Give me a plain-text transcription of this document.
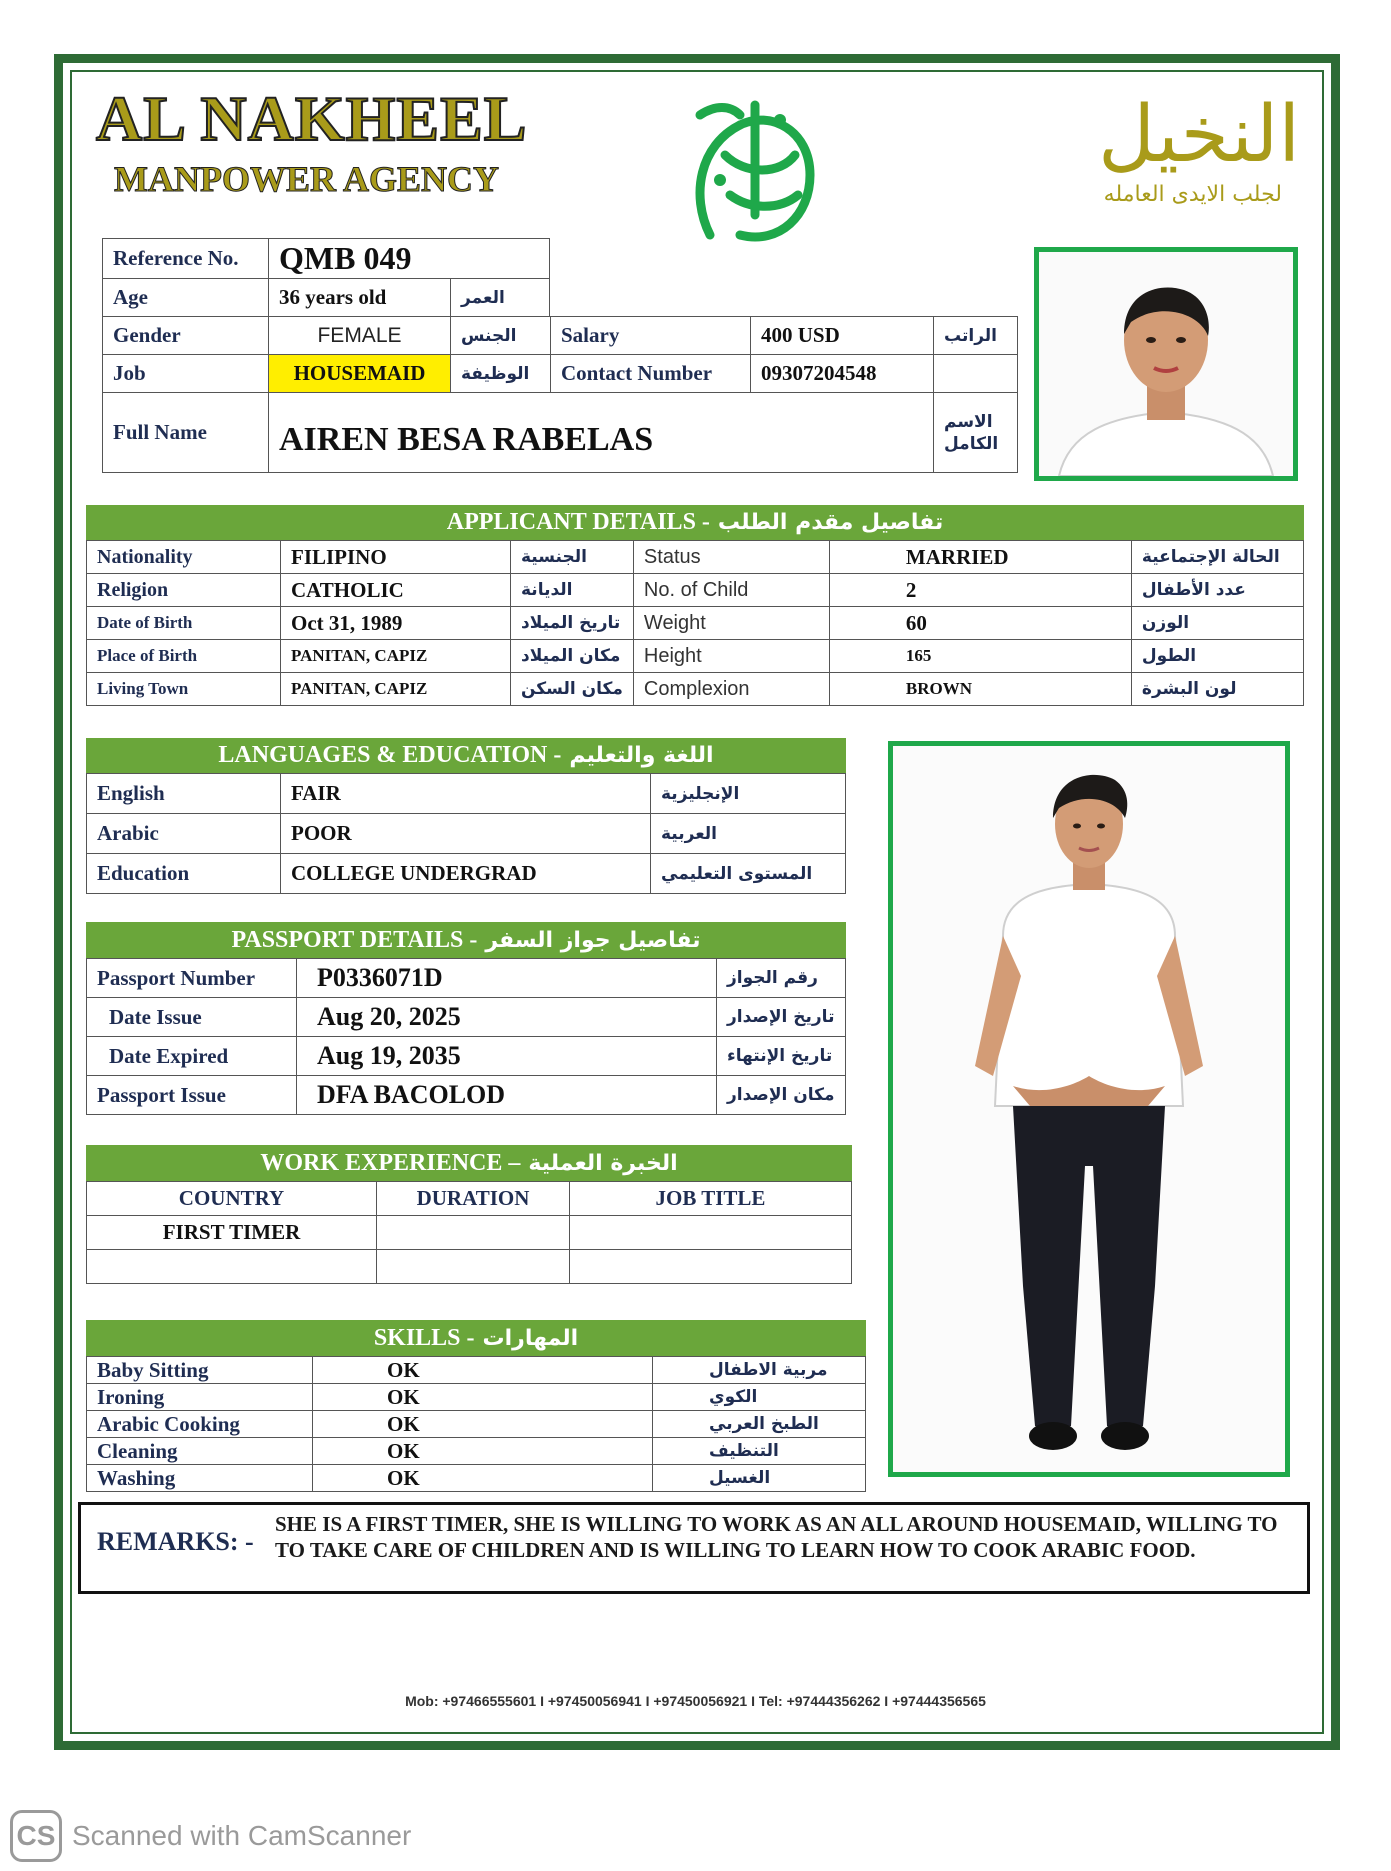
AL NAKHEEL
MANPOWER AGENCY	النخيل
لجلب الايدى العامله
Reference No.	QMB 049	
Age	36 years old	العمر
Gender	FEMALE	الجنس	Salary	400 USD	الراتب
Job	HOUSEMAID	الوظيفة	Contact Number	09307204548	
Full Name	AIREN BESA RABELAS				الاسم الكامل
APPLICANT DETAILS - تفاصيل مقدم الطلب
Nationality	FILIPINO	الجنسية	Status	MARRIED	الحالة الإجتماعية
Religion	CATHOLIC	الديانة	No. of Child	2	عدد الأطفال
Date of Birth	Oct 31, 1989	تاريخ الميلاد	Weight	60	الوزن
Place of Birth	PANITAN, CAPIZ	مكان الميلاد	Height	165	الطول
Living Town	PANITAN, CAPIZ	مكان السكن	Complexion	BROWN	لون البشرة
LANGUAGES & EDUCATION - اللغة والتعليم
English	FAIR	الإنجليزية
Arabic	POOR	العربية
Education	COLLEGE UNDERGRAD	المستوى التعليمي
PASSPORT DETAILS - تفاصيل جواز السفر
Passport Number	P0336071D	رقم الجواز
Date Issue	Aug 20, 2025	تاريخ الإصدار
Date Expired	Aug 19, 2035	تاريخ الإنتهاء
Passport Issue	DFA BACOLOD	مكان الإصدار
WORK EXPERIENCE – الخبرة العملية
COUNTRY	DURATION	JOB TITLE
FIRST TIMER		

SKILLS - المهارات
Baby Sitting	OK	مربية الاطفال
Ironing	OK	الكوي
Arabic Cooking	OK	الطبخ العربي
Cleaning	OK	التنظيف
Washing	OK	الغسيل
REMARKS: -
SHE IS A FIRST TIMER, SHE IS WILLING TO WORK AS AN ALL AROUND HOUSEMAID, WILLING TO TO TAKE CARE OF CHILDREN AND IS WILLING TO LEARN HOW TO COOK ARABIC FOOD.
Mob: +97466555601 I +97450056941 I +97450056921 I Tel: +97444356262 I +97444356565
CS Scanned with CamScanner
